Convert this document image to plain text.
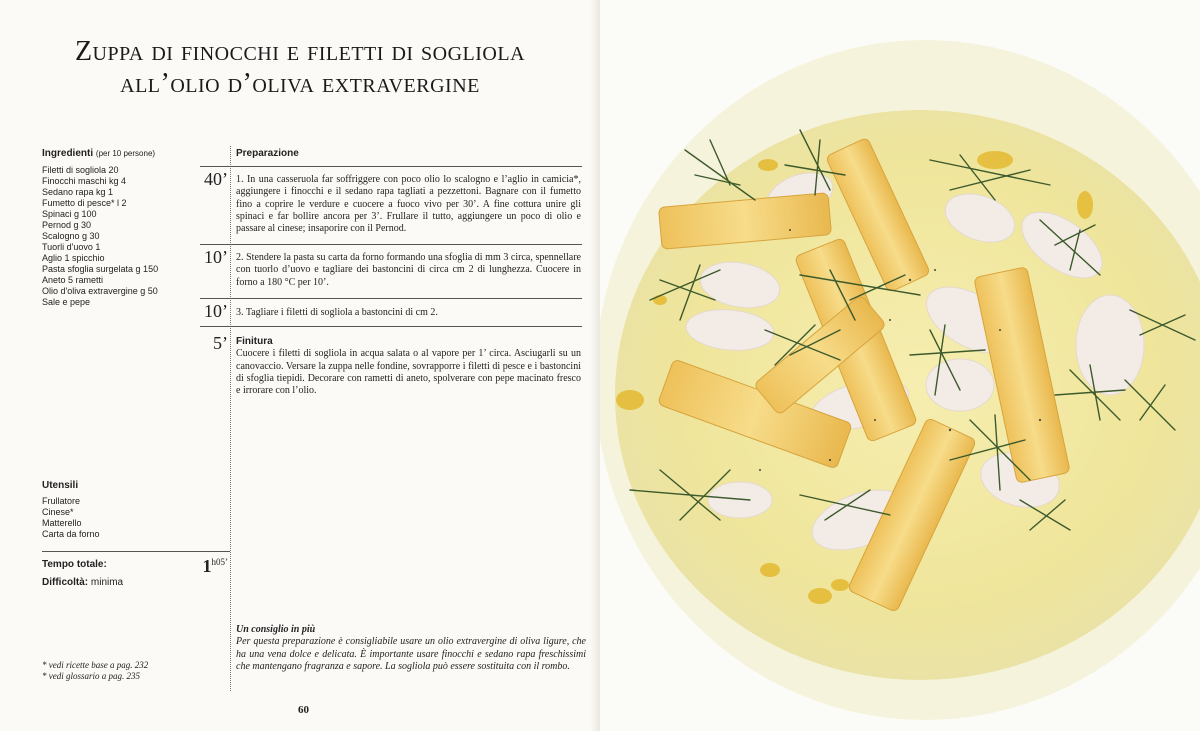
Zuppa di finocchi e filetti di sogliola
all’olio d’oliva extravergine
Ingredienti (per 10 persone)
Filetti di sogliola 20
Finocchi maschi kg 4
Sedano rapa kg 1
Fumetto di pesce* l 2
Spinaci g 100
Pernod g 30
Scalogno g 30
Tuorli d'uovo 1
Aglio 1 spicchio
Pasta sfoglia surgelata g 150
Aneto 5 rametti
Olio d'oliva extravergine g 50
Sale e pepe
Preparazione
40’ 1. In una casseruola far soffriggere con poco olio lo scalogno e l’aglio in camicia*, aggiungere i finocchi e il sedano rapa tagliati a pezzettoni. Bagnare con il fumetto fino a coprire le verdure e cuocere a fuoco vivo per 30’. A fine cottura unire gli spinaci e far bollire ancora per 3’. Frullare il tutto, aggiungere un poco di olio e passare al cinese; insaporire con il Pernod.
10’ 2. Stendere la pasta su carta da forno formando una sfoglia di mm 3 circa, spennellare con tuorlo d’uovo e tagliare dei bastoncini di circa cm 2 di lunghezza. Cuocere in forno a 180 °C per 10’.
10’ 3. Tagliare i filetti di sogliola a bastoncini di cm 2.
5’ Finitura
Cuocere i filetti di sogliola in acqua salata o al vapore per 1’ circa. Asciugarli su un canovaccio. Versare la zuppa nelle fondine, sovrapporre i filetti di pesce e i bastoncini di sfoglia tiepidi. Decorare con rametti di aneto, spolverare con pepe macinato fresco e irrorare con l’olio.
Utensili
Frullatore
Cinese*
Matterello
Carta da forno
Tempo totale:	$1^{h05’}$
Difficoltà: minima
Un consiglio in più
Per questa preparazione è consigliabile usare un olio extravergine di oliva ligure, che ha una vena dolce e delicata. È importante usare finocchi e sedano rapa freschissimi che mantengano fragranza e sapore. La sogliola può essere sostituita con il rombo.
* vedi ricette base a pag. 232
* vedi glossario a pag. 235
60
